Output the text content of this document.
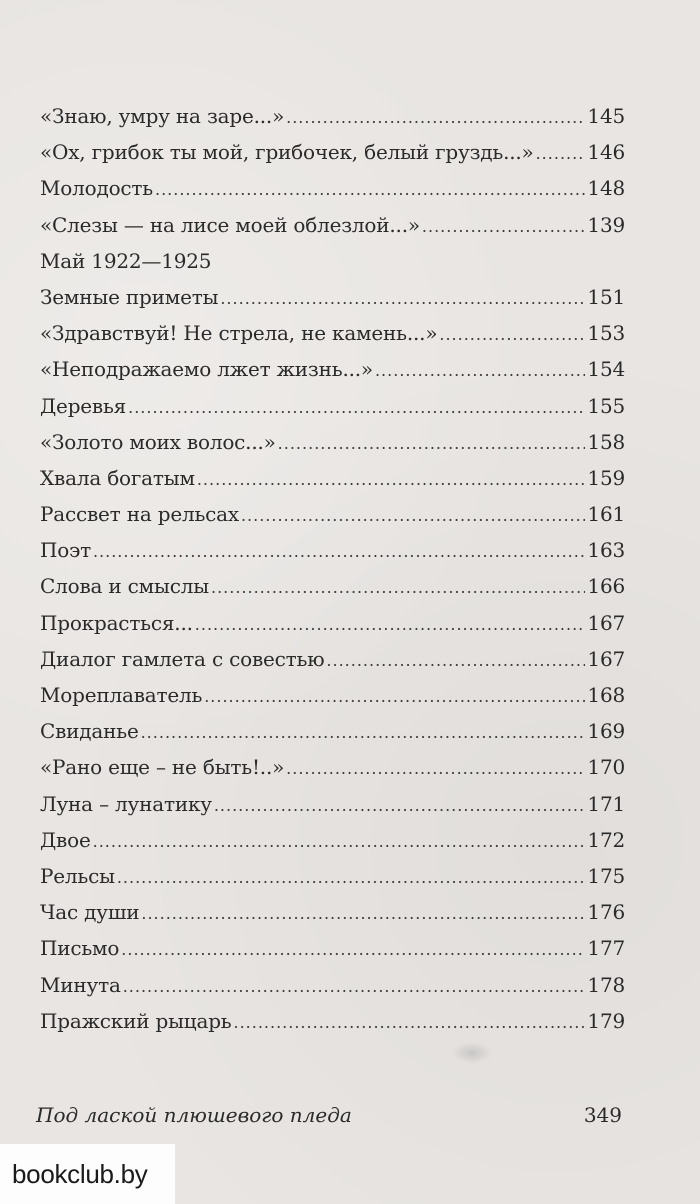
«Знаю, умру на заре...» .....	145
«Ох, грибок ты мой, грибочек, белый груздь...» .....	146
Молодость .....	148
«Слезы — на лисе моей облезлой...» .....	139
Май 1922—1925
Земные приметы .....	151
«Здравствуй! Не стрела, не камень...» .....	153
«Неподражаемо лжет жизнь...» .....	154
Деревья .....	155
«Золото моих волос...» .....	158
Хвала богатым .....	159
Рассвет на рельсах .....	161
Поэт .....	163
Слова и смыслы .....	166
Прокрасться... .....	167
Диалог гамлета с совестью .....	167
Мореплаватель .....	168
Свиданье .....	169
«Рано еще – не быть!..» .....	170
Луна – лунатику .....	171
Двое .....	172
Рельсы .....	175
Час души .....	176
Письмо .....	177
Минута .....	178
Пражский рыцарь .....	179
Под лаской плюшевого пледа	349
bookclub.by
